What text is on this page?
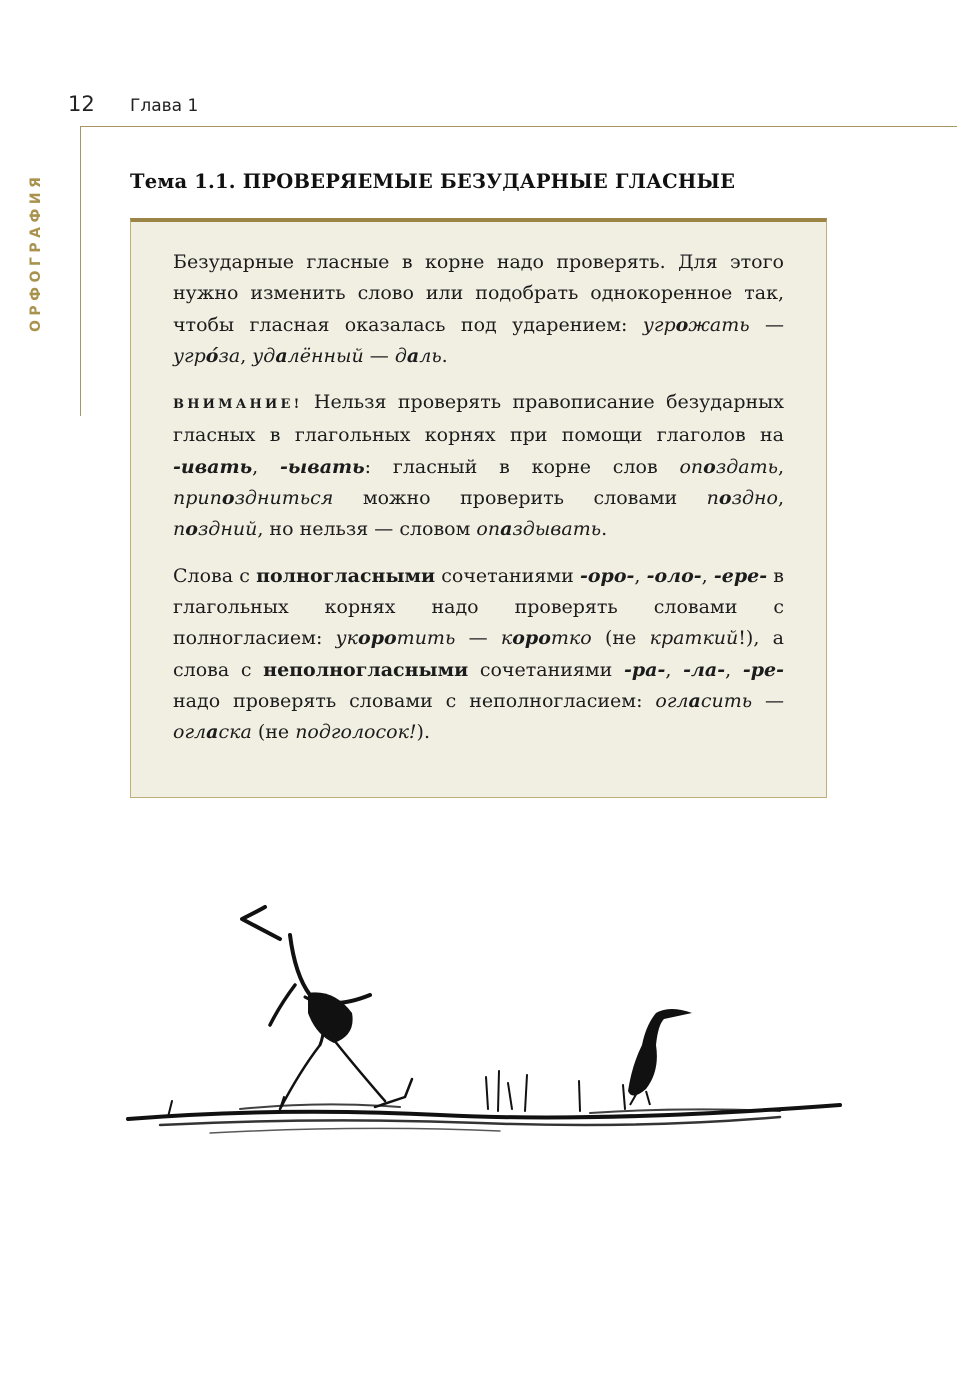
12 Глава 1
ОРФОГРАФИЯ	Тема 1.1. ПРОВЕРЯЕМЫЕ БЕЗУДАРНЫЕ ГЛАСНЫЕ

Безударные гласные в корне надо проверять. Для этого нужно изменить слово или подобрать однокоренное так, чтобы гласная оказалась под ударением: угрожать — угро́за, удалённый — даль.

ВНИМАНИЕ! Нельзя проверять правописание безударных гласных в глагольных корнях при помощи глаголов на -ивать, -ывать: гласный в корне слов опоздать, припоздниться можно проверить словами поздно, поздний, но нельзя — словом опаздывать.

Слова с полногласными сочетаниями -оро-, -оло-, -ере- в глагольных корнях надо проверять словами с полногласием: укоротить — коротко (не краткий!), а слова с неполногласными сочетаниями -ра-, -ла-, -ре- надо проверять словами с неполногласием: огласить — огласка (не подголосок!).
